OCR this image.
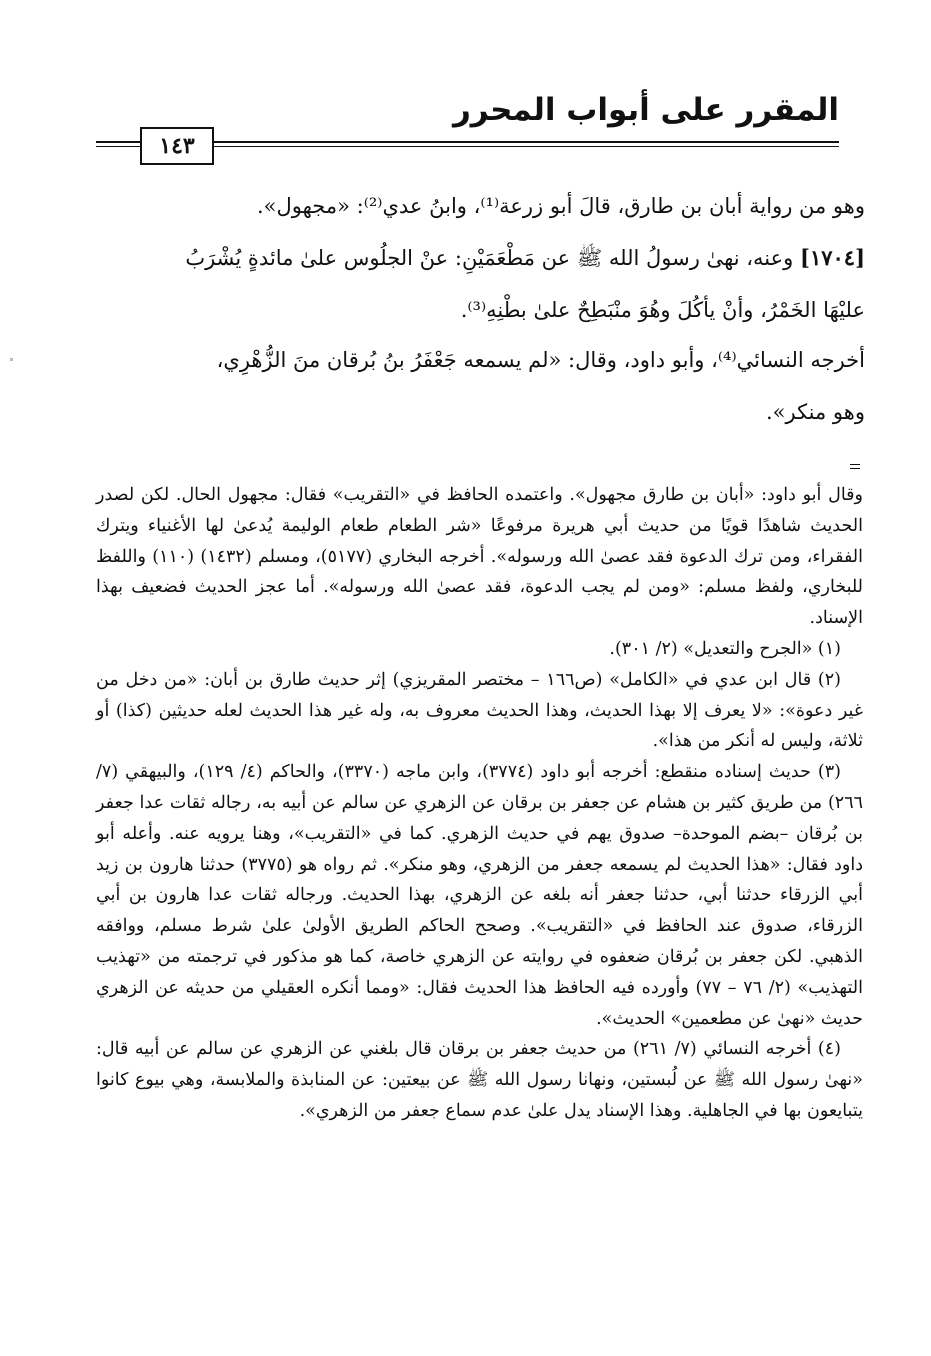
المقرر على أبواب المحرر
١٤٣
وهو من رواية أبان بن طارق، قالَ أبو زرعة⁽¹⁾، وابنُ عدي⁽²⁾: «مجهول».
[١٧٠٤] وعنه، نهىٰ رسولُ الله ﷺ عن مَطْعَمَيْنِ: عنْ الجلُوس علىٰ مائدةٍ يُشْرَبُ
عليْهَا الخَمْرُ، وأنْ يأكُلَ وهُوَ منْبَطِحٌ علىٰ بطْنِهِ⁽³⁾.
أخرجه النسائي⁽⁴⁾، وأبو داود، وقال: «لم يسمعه جَعْفَرُ بنُ بُرقان منَ الزُّهْرِي،
وهو منكر».

وقال أبو داود: «أبان بن طارق مجهول». واعتمده الحافظ في «التقريب» فقال: مجهول الحال. لكن لصدر الحديث شاهدًا قويًا من حديث أبي هريرة مرفوعًا «شر الطعام طعام الوليمة يُدعىٰ لها الأغنياء ويترك الفقراء، ومن ترك الدعوة فقد عصىٰ الله ورسوله». أخرجه البخاري (٥١٧٧)، ومسلم (١٤٣٢) (١١٠) واللفظ للبخاري، ولفظ مسلم: «ومن لم يجب الدعوة، فقد عصىٰ الله ورسوله». أما عجز الحديث فضعيف بهذا الإسناد.

(١) «الجرح والتعديل» (٢/ ٣٠١).

(٢) قال ابن عدي في «الكامل» (ص١٦٦ – مختصر المقريزي) إثر حديث طارق بن أبان: «من دخل من غير دعوة»: «لا يعرف إلا بهذا الحديث، وهذا الحديث معروف به، وله غير هذا الحديث لعله حديثين (كذا) أو ثلاثة، وليس له أنكر من هذا».

(٣) حديث إسناده منقطع: أخرجه أبو داود (٣٧٧٤)، وابن ماجه (٣٣٧٠)، والحاكم (٤/ ١٢٩)، والبيهقي (٧/ ٢٦٦) من طريق كثير بن هشام عن جعفر بن برقان عن الزهري عن سالم عن أبيه به، رجاله ثقات عدا جعفر بن بُرقان –بضم الموحدة– صدوق يهم في حديث الزهري. كما في «التقريب»، وهنا يرويه عنه. وأعله أبو داود فقال: «هذا الحديث لم يسمعه جعفر من الزهري، وهو منكر». ثم رواه هو (٣٧٧٥) حدثنا هارون بن زيد أبي الزرقاء حدثنا أبي، حدثنا جعفر أنه بلغه عن الزهري، بهذا الحديث. ورجاله ثقات عدا هارون بن أبي الزرقاء، صدوق عند الحافظ في «التقريب». وصحح الحاكم الطريق الأولىٰ علىٰ شرط مسلم، ووافقه الذهبي. لكن جعفر بن بُرقان ضعفوه في روايته عن الزهري خاصة، كما هو مذكور في ترجمته من «تهذيب التهذيب» (٢/ ٧٦ – ٧٧) وأورده فيه الحافظ هذا الحديث فقال: «ومما أنكره العقيلي من حديثه عن الزهري حديث «نهىٰ عن مطعمين» الحديث».

(٤) أخرجه النسائي (٧/ ٢٦١) من حديث جعفر بن برقان قال بلغني عن الزهري عن سالم عن أبيه قال: «نهىٰ رسول الله ﷺ عن لُبستين، ونهانا رسول الله ﷺ عن بيعتين: عن المنابذة والملابسة، وهي بيوع كانوا يتبايعون بها في الجاهلية. وهذا الإسناد يدل علىٰ عدم سماع جعفر من الزهري».
